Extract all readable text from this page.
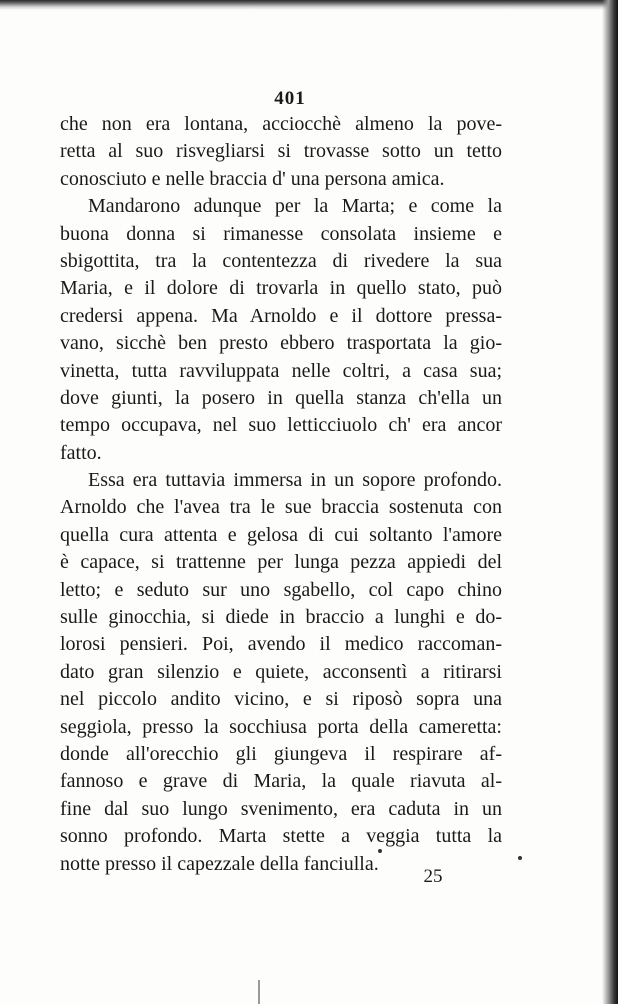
401
che non era lontana, acciocchè almeno la pove-
retta al suo risvegliarsi si trovasse sotto un tetto
conosciuto e nelle braccia d' una persona amica.
Mandarono adunque per la Marta; e come la
buona donna si rimanesse consolata insieme e
sbigottita, tra la contentezza di rivedere la sua
Maria, e il dolore di trovarla in quello stato, può
credersi appena. Ma Arnoldo e il dottore pressa-
vano, sicchè ben presto ebbero trasportata la gio-
vinetta, tutta ravviluppata nelle coltri, a casa sua;
dove giunti, la posero in quella stanza ch'ella un
tempo occupava, nel suo letticciuolo ch' era ancor
fatto.
Essa era tuttavia immersa in un sopore profondo.
Arnoldo che l'avea tra le sue braccia sostenuta con
quella cura attenta e gelosa di cui soltanto l'amore
è capace, si trattenne per lunga pezza appiedi del
letto; e seduto sur uno sgabello, col capo chino
sulle ginocchia, si diede in braccio a lunghi e do-
lorosi pensieri. Poi, avendo il medico raccoman-
dato gran silenzio e quiete, acconsentì a ritirarsi
nel piccolo andito vicino, e si riposò sopra una
seggiola, presso la socchiusa porta della cameretta:
donde all'orecchio gli giungeva il respirare af-
fannoso e grave di Maria, la quale riavuta al-
fine dal suo lungo svenimento, era caduta in un
sonno profondo. Marta stette a veggia tutta la
notte presso il capezzale della fanciulla.
25
